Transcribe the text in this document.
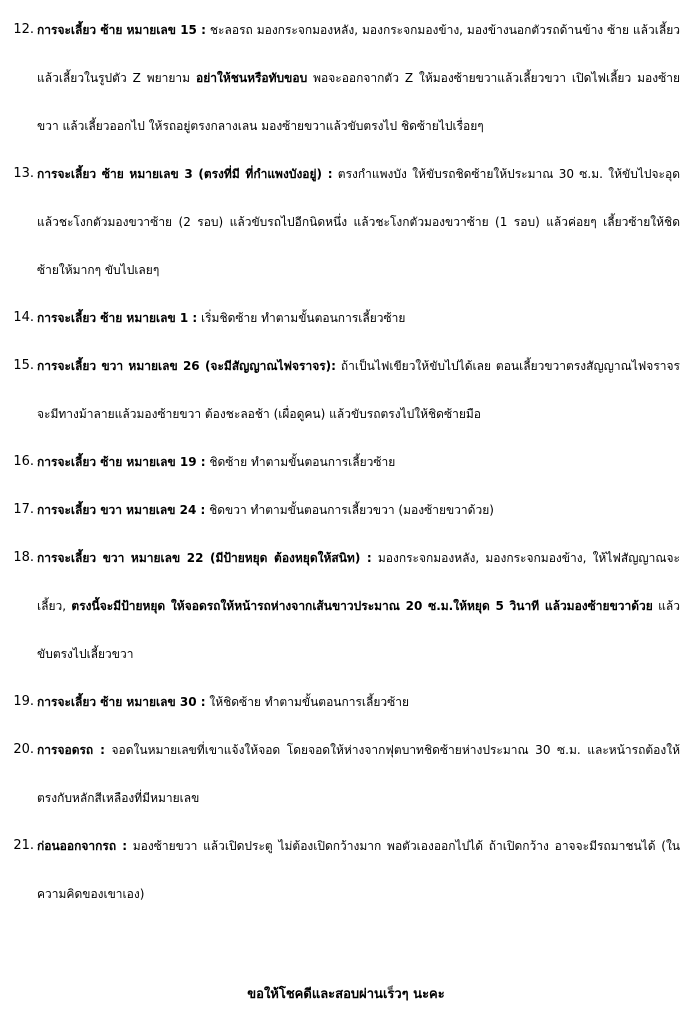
12. การจะเลี้ยว ซ้าย หมายเลข 15 : ชะลอรถ มองกระจกมองหลัง, มองกระจกมองข้าง, มองข้างนอกตัวรถด้านข้าง ซ้าย แล้วเลี้ยวแล้วเลี้ยวในรูปตัว Z พยายาม อย่าให้ชนหรือทับขอบ พอจะออกจากตัว Z ให้มองซ้ายขวาแล้วเลี้ยวขวา เปิดไฟเลี้ยว มองซ้ายขวา แล้วเลี้ยวออกไป ให้รถอยู่ตรงกลางเลน มองซ้ายขวาแล้วขับตรงไป ชิดซ้ายไปเรื่อยๆ
13. การจะเลี้ยว ซ้าย หมายเลข 3 (ตรงที่มี ที่กำแพงบังอยู่) : ตรงกำแพงบัง ให้ขับรถชิดซ้ายให้ประมาณ 30 ซ.ม. ให้ขับไปจะอุด แล้วชะโงกตัวมองขวาซ้าย (2 รอบ) แล้วขับรถไปอีกนิดหนึ่ง แล้วชะโงกตัวมองขวาซ้าย (1 รอบ) แล้วค่อยๆ เลี้ยวซ้ายให้ชิดซ้ายให้มากๆ ขับไปเลยๆ
14. การจะเลี้ยว ซ้าย หมายเลข 1 : เริ่มชิดซ้าย ทำตามขั้นตอนการเลี้ยวซ้าย
15. การจะเลี้ยว ขวา หมายเลข 26 (จะมีสัญญาณไฟจราจร): ถ้าเป็นไฟเขียวให้ขับไปได้เลย ตอนเลี้ยวขวาตรงสัญญาณไฟจราจรจะมีทางม้าลายแล้วมองซ้ายขวา ต้องชะลอช้า (เผื่อดูคน) แล้วขับรถตรงไปให้ชิดซ้ายมือ
16. การจะเลี้ยว ซ้าย หมายเลข 19 : ชิดซ้าย ทำตามขั้นตอนการเลี้ยวซ้าย
17. การจะเลี้ยว ขวา หมายเลข 24 : ชิดขวา ทำตามขั้นตอนการเลี้ยวขวา (มองซ้ายขวาด้วย)
18. การจะเลี้ยว ขวา หมายเลข 22 (มีป้ายหยุด ต้องหยุดให้สนิท) : มองกระจกมองหลัง, มองกระจกมองข้าง, ให้ไฟสัญญาณจะเลี้ยว, ตรงนี้จะมีป้ายหยุด ให้จอดรถให้หน้ารถห่างจากเส้นขาวประมาณ 20 ซ.ม.ให้หยุด 5 วินาที แล้วมองซ้ายขวาด้วย แล้วขับตรงไปเลี้ยวขวา
19. การจะเลี้ยว ซ้าย หมายเลข 30 : ให้ชิดซ้าย ทำตามขั้นตอนการเลี้ยวซ้าย
20. การจอดรถ : จอดในหมายเลขที่เขาแจ้งให้จอด โดยจอดให้ห่างจากฟุตบาทชิดซ้ายห่างประมาณ 30 ซ.ม. และหน้ารถต้องให้ตรงกับหลักสีเหลืองที่มีหมายเลข
21. ก่อนออกจากรถ : มองซ้ายขวา แล้วเปิดประตู ไม่ต้องเปิดกว้างมาก พอตัวเองออกไปได้ ถ้าเปิดกว้าง อาจจะมีรถมาชนได้ (ในความคิดของเขาเอง)
ขอให้โชคดีและสอบผ่านเร็วๆ นะคะ
